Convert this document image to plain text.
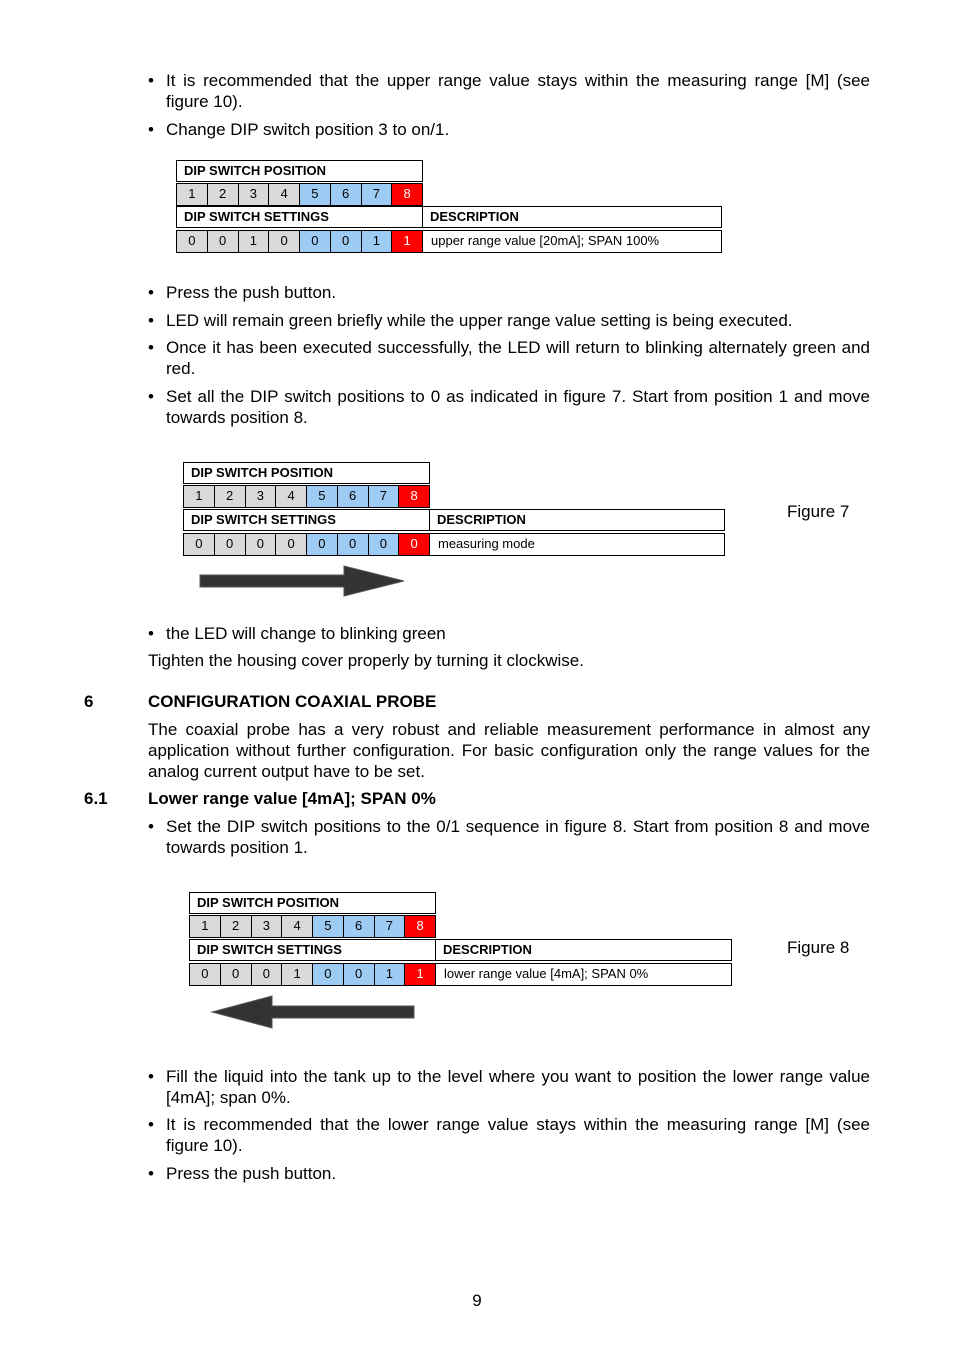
• It is recommended that the upper range value stays within the measuring range [M] (see figure 10).
• Change DIP switch position 3 to on/1.
DIP SWITCH POSITION
1	2	3	4	5	6	7	8
DIP SWITCH SETTINGS	DESCRIPTION
0	0	1	0	0	0	1	1	upper range value [20mA]; SPAN 100%
• Press the push button.
• LED will remain green briefly while the upper range value setting is being executed.
• Once it has been executed successfully, the LED will return to blinking alternately green and red.
• Set all the DIP switch positions to 0 as indicated in figure 7. Start from position 1 and move towards position 8.
DIP SWITCH POSITION
1	2	3	4	5	6	7	8
DIP SWITCH SETTINGS	DESCRIPTION
0	0	0	0	0	0	0	0	measuring mode
Figure 7
• the LED will change to blinking green
Tighten the housing cover properly by turning it clockwise.
6	CONFIGURATION COAXIAL PROBE
The coaxial probe has a very robust and reliable measurement performance in almost any application without further configuration. For basic configuration only the range values for the analog current output have to be set.
6.1 Lower range value [4mA]; SPAN 0%
• Set the DIP switch positions to the 0/1 sequence in figure 8. Start from position 8 and move towards position 1.
DIP SWITCH POSITION
1	2	3	4	5	6	7	8
DIP SWITCH SETTINGS	DESCRIPTION
0	0	0	1	0	0	1	1	lower range value [4mA]; SPAN 0%
Figure 8
• Fill the liquid into the tank up to the level where you want to position the lower range value [4mA]; span 0%.
• It is recommended that the lower range value stays within the measuring range [M] (see figure 10).
• Press the push button.
9
